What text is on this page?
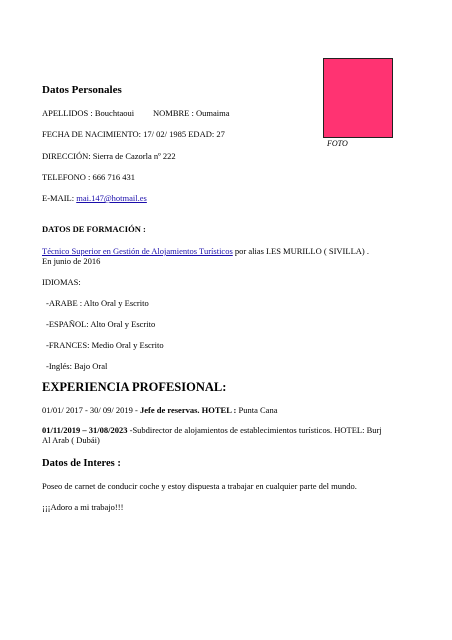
FOTO
Datos Personales
APELLIDOS : Bouchtaoui NOMBRE : Oumaima
FECHA DE NACIMIENTO: 17/ 02/ 1985 EDAD: 27
DIRECCIÓN: Sierra de Cazorla nº 222
TELEFONO : 666 716 431
E-MAIL: mai.147@hotmail.es
DATOS DE FORMACIÓN :
Técnico Superior en Gestión de Alojamientos Turísticos por alias I.ES MURILLO ( SIVILLA) .
En junio de 2016
IDIOMAS:
-ARABE : Alto Oral y Escrito
-ESPAÑOL: Alto Oral y Escrito
-FRANCES: Medio Oral y Escrito
-Inglés: Bajo Oral
EXPERIENCIA PROFESIONAL:
01/01/ 2017 - 30/ 09/ 2019 - Jefe de reservas. HOTEL : Punta Cana
01/11/2019 – 31/08/2023 -Subdirector de alojamientos de establecimientos turísticos. HOTEL: Burj
Al Arab ( Dubái)
Datos de Interes :
Poseo de carnet de conducir coche y estoy dispuesta a trabajar en cualquier parte del mundo.
¡¡¡Adoro a mi trabajo!!!
